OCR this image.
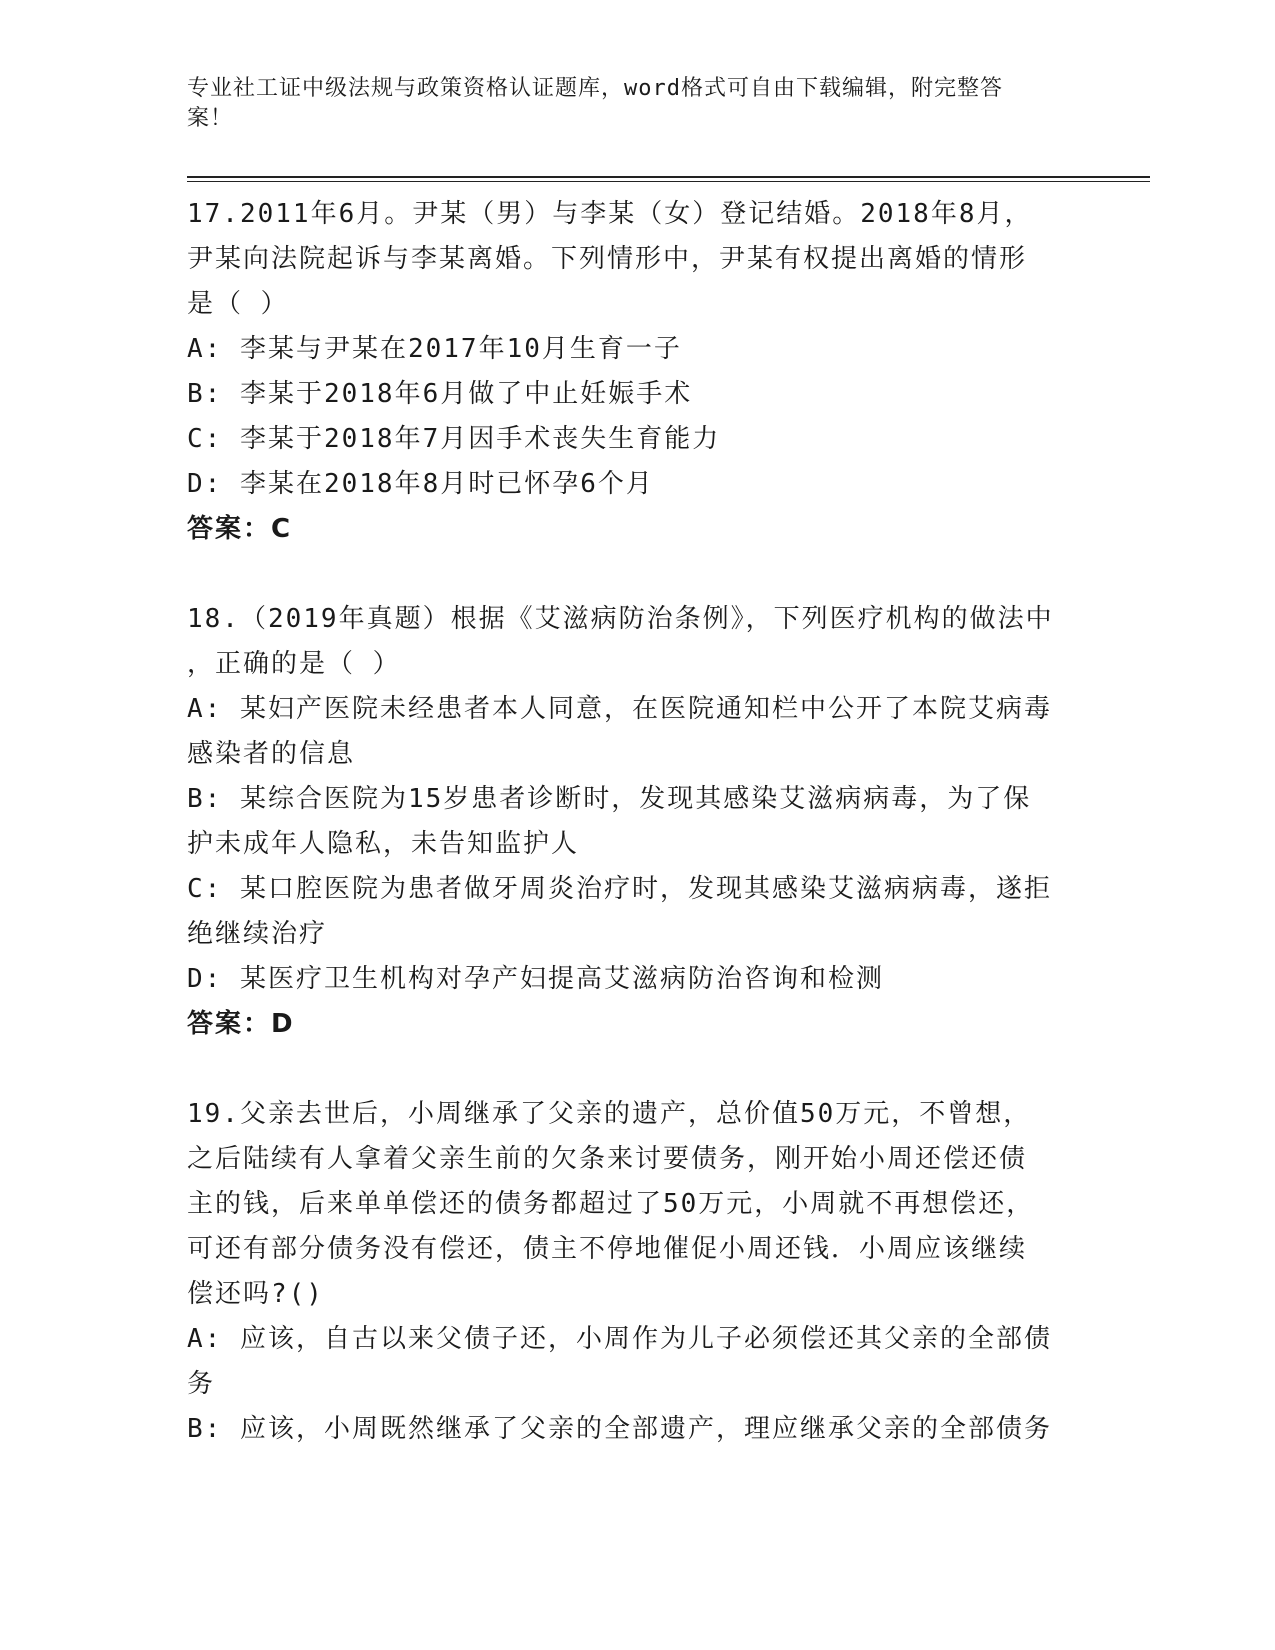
专业社工证中级法规与政策资格认证题库，word格式可自由下载编辑，附完整答
案！
17.2011年6月。尹某（男）与李某（女）登记结婚。2018年8月，
尹某向法院起诉与李某离婚。下列情形中，尹某有权提出离婚的情形
是（ ）
A: 李某与尹某在2017年10月生育一子
B: 李某于2018年6月做了中止妊娠手术
C: 李某于2018年7月因手术丧失生育能力
D: 李某在2018年8月时已怀孕6个月
答案：C
18.（2019年真题）根据《艾滋病防治条例》，下列医疗机构的做法中
，正确的是（ ）
A: 某妇产医院未经患者本人同意，在医院通知栏中公开了本院艾病毒
感染者的信息
B: 某综合医院为15岁患者诊断时，发现其感染艾滋病病毒，为了保
护未成年人隐私，未告知监护人
C: 某口腔医院为患者做牙周炎治疗时，发现其感染艾滋病病毒，遂拒
绝继续治疗
D: 某医疗卫生机构对孕产妇提高艾滋病防治咨询和检测
答案：D
19.父亲去世后，小周继承了父亲的遗产，总价值50万元，不曾想，
之后陆续有人拿着父亲生前的欠条来讨要债务，刚开始小周还偿还债
主的钱，后来单单偿还的债务都超过了50万元，小周就不再想偿还，
可还有部分债务没有偿还，债主不停地催促小周还钱．小周应该继续
偿还吗?()
A: 应该，自古以来父债子还，小周作为儿子必须偿还其父亲的全部债
务
B: 应该，小周既然继承了父亲的全部遗产，理应继承父亲的全部债务
